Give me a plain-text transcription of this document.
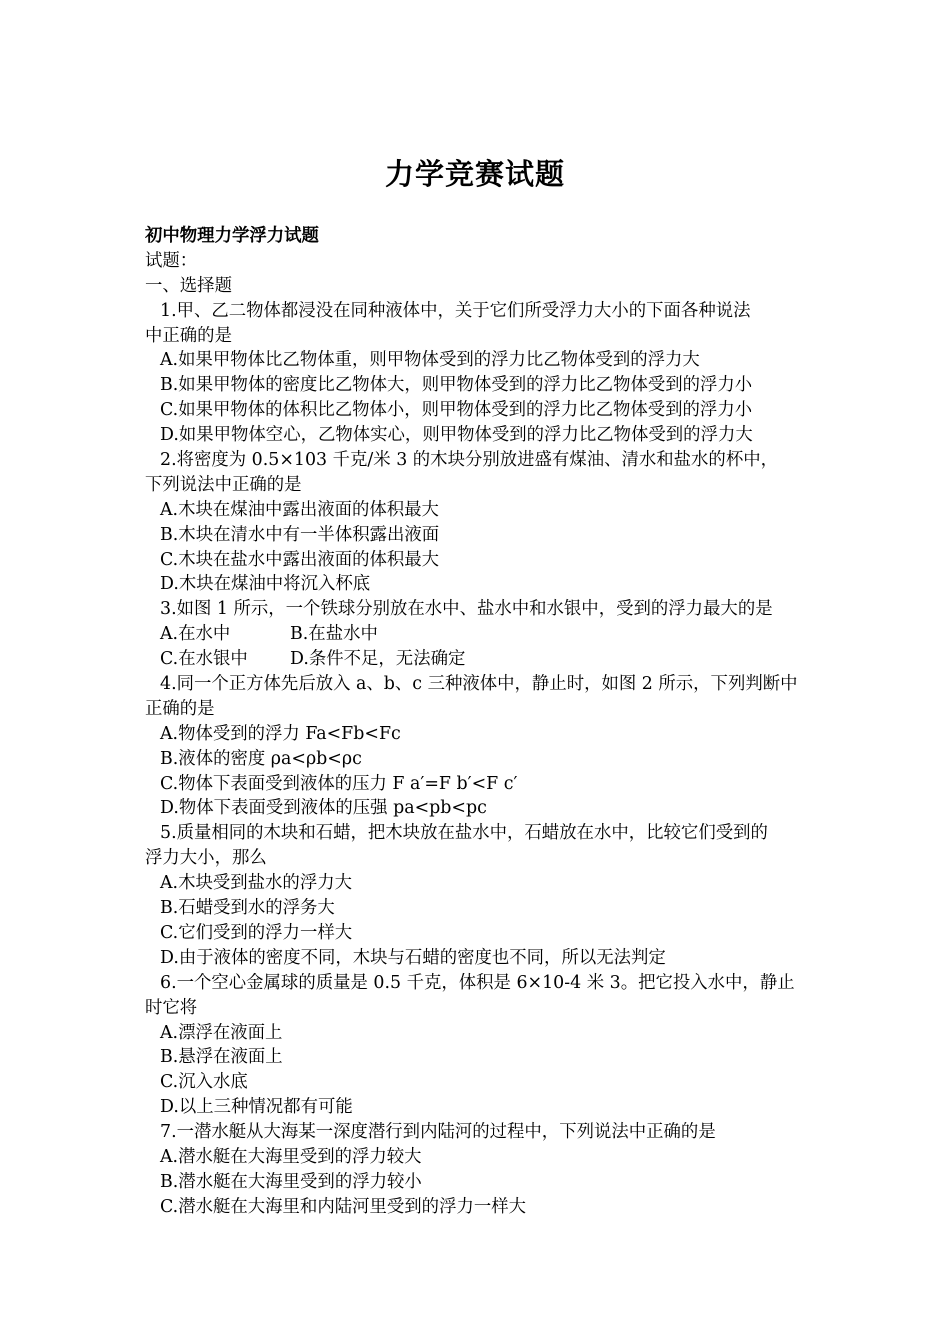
力学竞赛试题
初中物理力学浮力试题
试题：
一、选择题
1.甲、乙二物体都浸没在同种液体中，关于它们所受浮力大小的下面各种说法
中正确的是
A.如果甲物体比乙物体重，则甲物体受到的浮力比乙物体受到的浮力大
B.如果甲物体的密度比乙物体大，则甲物体受到的浮力比乙物体受到的浮力小
C.如果甲物体的体积比乙物体小，则甲物体受到的浮力比乙物体受到的浮力小
D.如果甲物体空心，乙物体实心，则甲物体受到的浮力比乙物体受到的浮力大
2.将密度为 0.5×103 千克/米 3 的木块分别放进盛有煤油、清水和盐水的杯中，
下列说法中正确的是
A.木块在煤油中露出液面的体积最大
B.木块在清水中有一半体积露出液面
C.木块在盐水中露出液面的体积最大
D.木块在煤油中将沉入杯底
3.如图 1 所示，一个铁球分别放在水中、盐水中和水银中，受到的浮力最大的是
A.在水中	B.在盐水中
C.在水银中 D.条件不足，无法确定
4.同一个正方体先后放入 a、b、c 三种液体中，静止时，如图 2 所示，下列判断中
正确的是
A.物体受到的浮力 Fa<Fb<Fc
B.液体的密度 ρa<ρb<ρc
C.物体下表面受到液体的压力 F a′=F b′<F c′
D.物体下表面受到液体的压强 pa<pb<pc
5.质量相同的木块和石蜡，把木块放在盐水中，石蜡放在水中，比较它们受到的
浮力大小，那么
A.木块受到盐水的浮力大
B.石蜡受到水的浮务大
C.它们受到的浮力一样大
D.由于液体的密度不同，木块与石蜡的密度也不同，所以无法判定
6.一个空心金属球的质量是 0.5 千克，体积是 6×10-4 米 3。把它投入水中，静止
时它将
A.漂浮在液面上
B.悬浮在液面上
C.沉入水底
D.以上三种情况都有可能
7.一潜水艇从大海某一深度潜行到内陆河的过程中，下列说法中正确的是
A.潜水艇在大海里受到的浮力较大
B.潜水艇在大海里受到的浮力较小
C.潜水艇在大海里和内陆河里受到的浮力一样大
